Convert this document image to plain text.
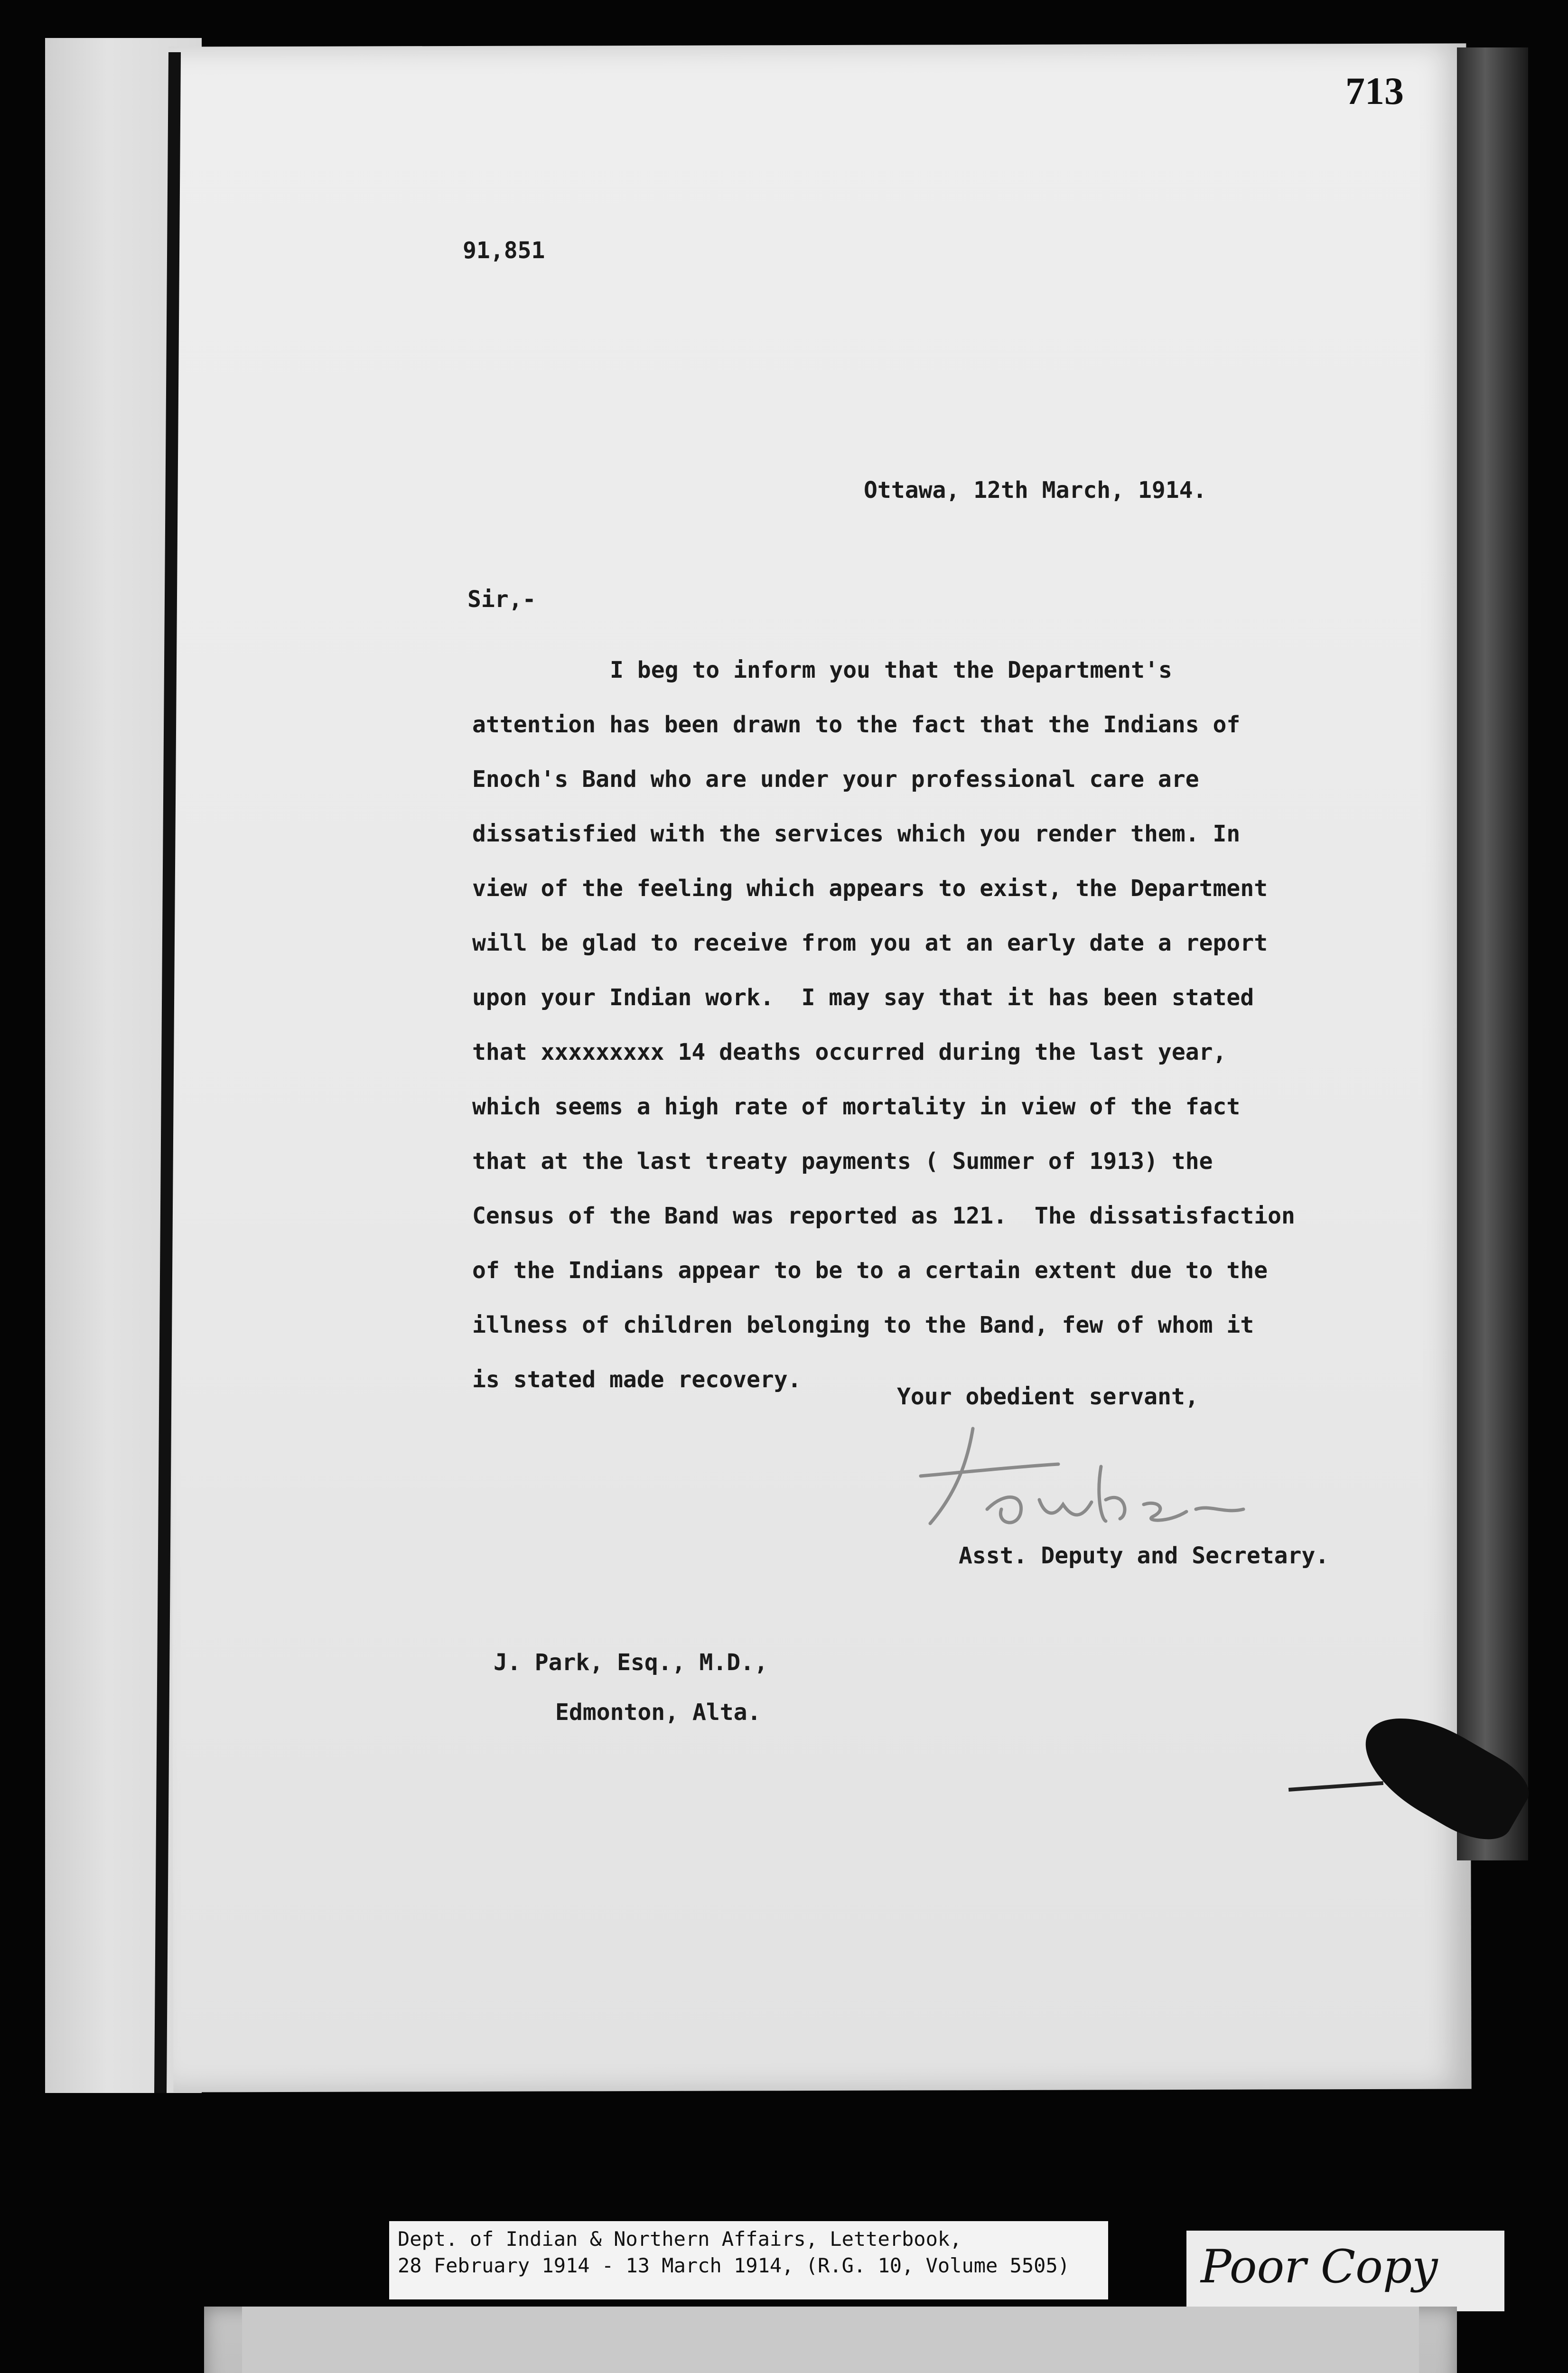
713
91,851
Ottawa, 12th March, 1914.
Sir,-
I beg to inform you that the Department's
attention has been drawn to the fact that the Indians of
Enoch's Band who are under your professional care are
dissatisfied with the services which you render them. In
view of the feeling which appears to exist, the Department
will be glad to receive from you at an early date a report
upon your Indian work.  I may say that it has been stated
that xxxxxxxxx 14 deaths occurred during the last year,
which seems a high rate of mortality in view of the fact
that at the last treaty payments ( Summer of 1913) the
Census of the Band was reported as 121.  The dissatisfaction
of the Indians appear to be to a certain extent due to the
illness of children belonging to the Band, few of whom it
is stated made recovery.
Your obedient servant,
Asst. Deputy and Secretary.
J. Park, Esq., M.D.,
Edmonton, Alta.
Dept. of Indian & Northern Affairs, Letterbook,
28 February 1914 - 13 March 1914, (R.G. 10, Volume 5505)	Poor Copy
